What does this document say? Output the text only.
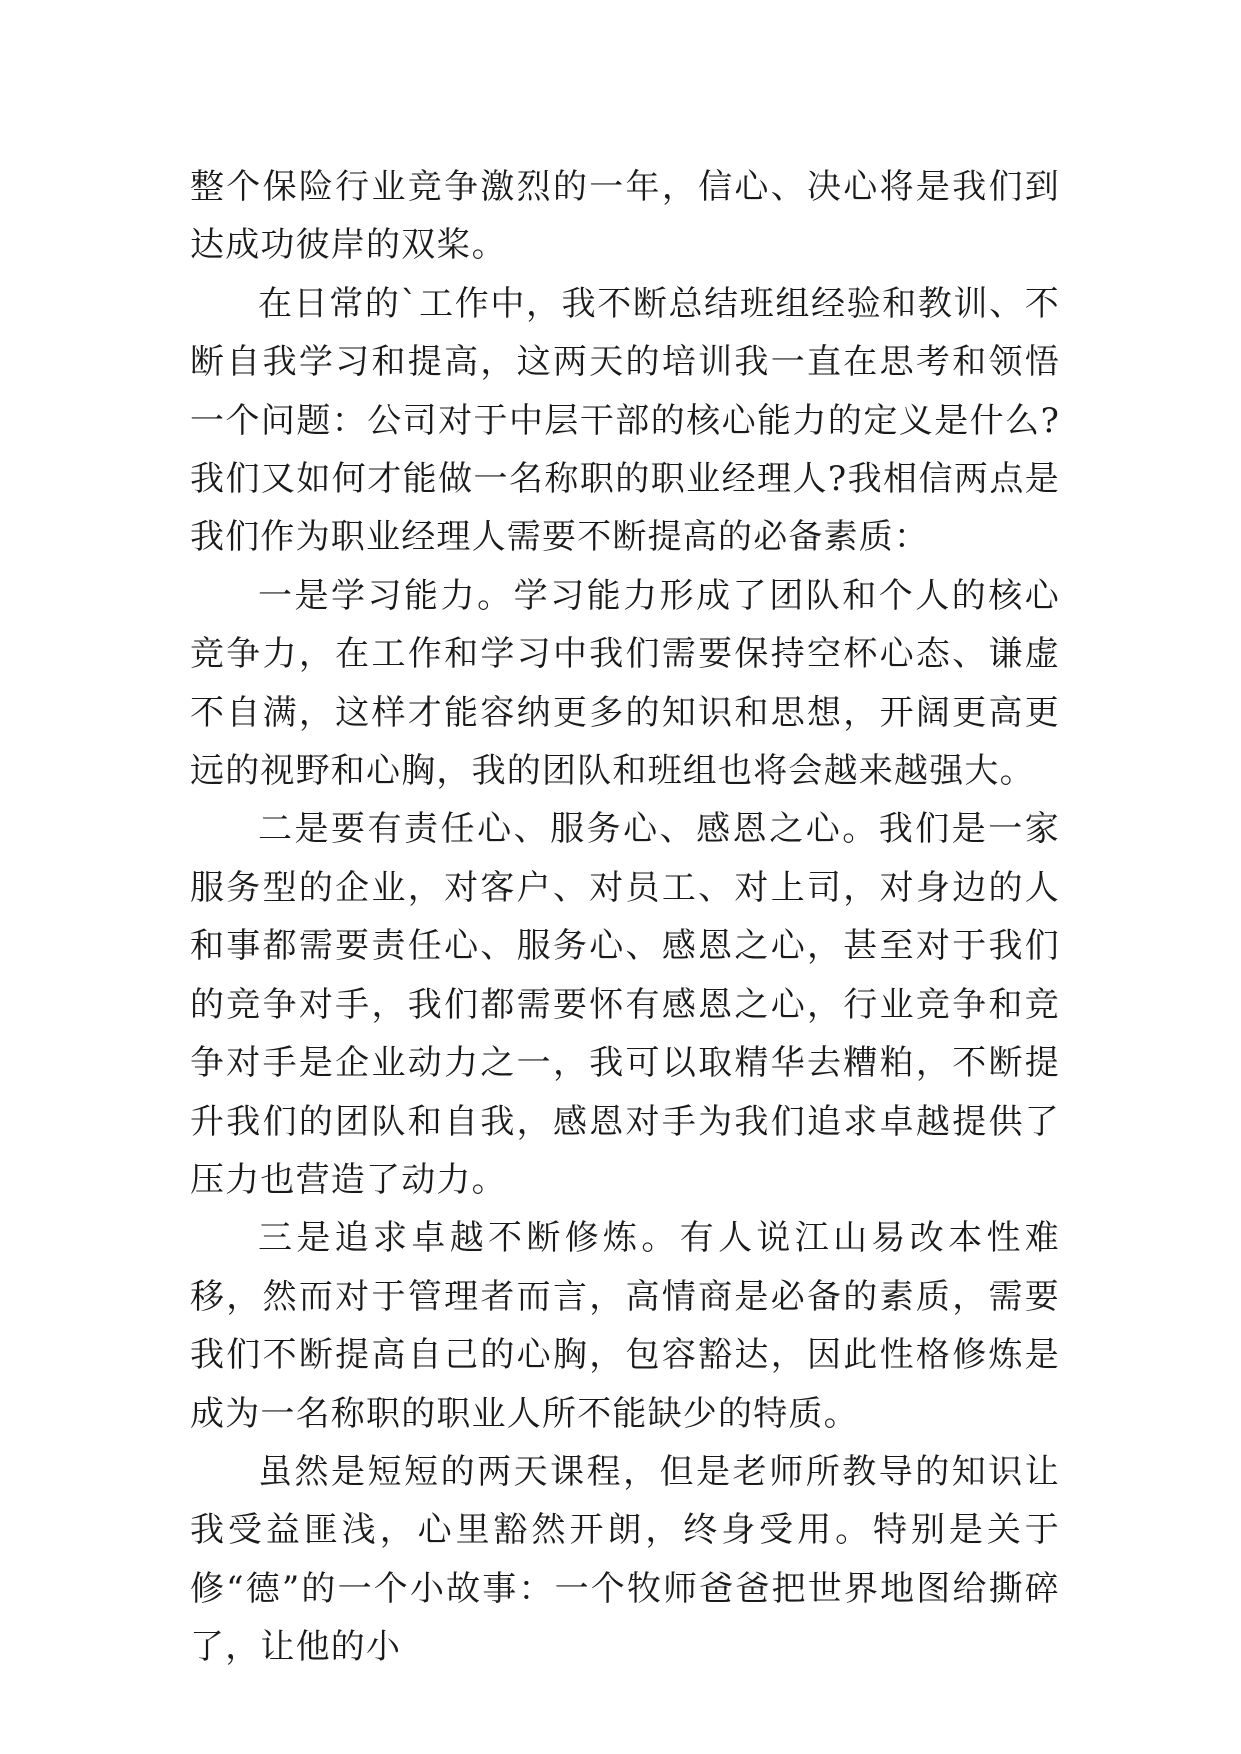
整个保险行业竞争激烈的一年，信心、决心将是我们到达成功彼岸的双桨。

在日常的`工作中，我不断总结班组经验和教训、不断自我学习和提高，这两天的培训我一直在思考和领悟一个问题：公司对于中层干部的核心能力的定义是什么?我们又如何才能做一名称职的职业经理人?我相信两点是我们作为职业经理人需要不断提高的必备素质：

一是学习能力。学习能力形成了团队和个人的核心竞争力，在工作和学习中我们需要保持空杯心态、谦虚不自满，这样才能容纳更多的知识和思想，开阔更高更远的视野和心胸，我的团队和班组也将会越来越强大。

二是要有责任心、服务心、感恩之心。我们是一家服务型的企业，对客户、对员工、对上司，对身边的人和事都需要责任心、服务心、感恩之心，甚至对于我们的竞争对手，我们都需要怀有感恩之心，行业竞争和竞争对手是企业动力之一，我可以取精华去糟粕，不断提升我们的团队和自我，感恩对手为我们追求卓越提供了压力也营造了动力。

三是追求卓越不断修炼。有人说江山易改本性难移，然而对于管理者而言，高情商是必备的素质，需要我们不断提高自己的心胸，包容豁达，因此性格修炼是成为一名称职的职业人所不能缺少的特质。

虽然是短短的两天课程，但是老师所教导的知识让我受益匪浅，心里豁然开朗，终身受用。特别是关于修“德”的一个小故事：一个牧师爸爸把世界地图给撕碎了，让他的小
